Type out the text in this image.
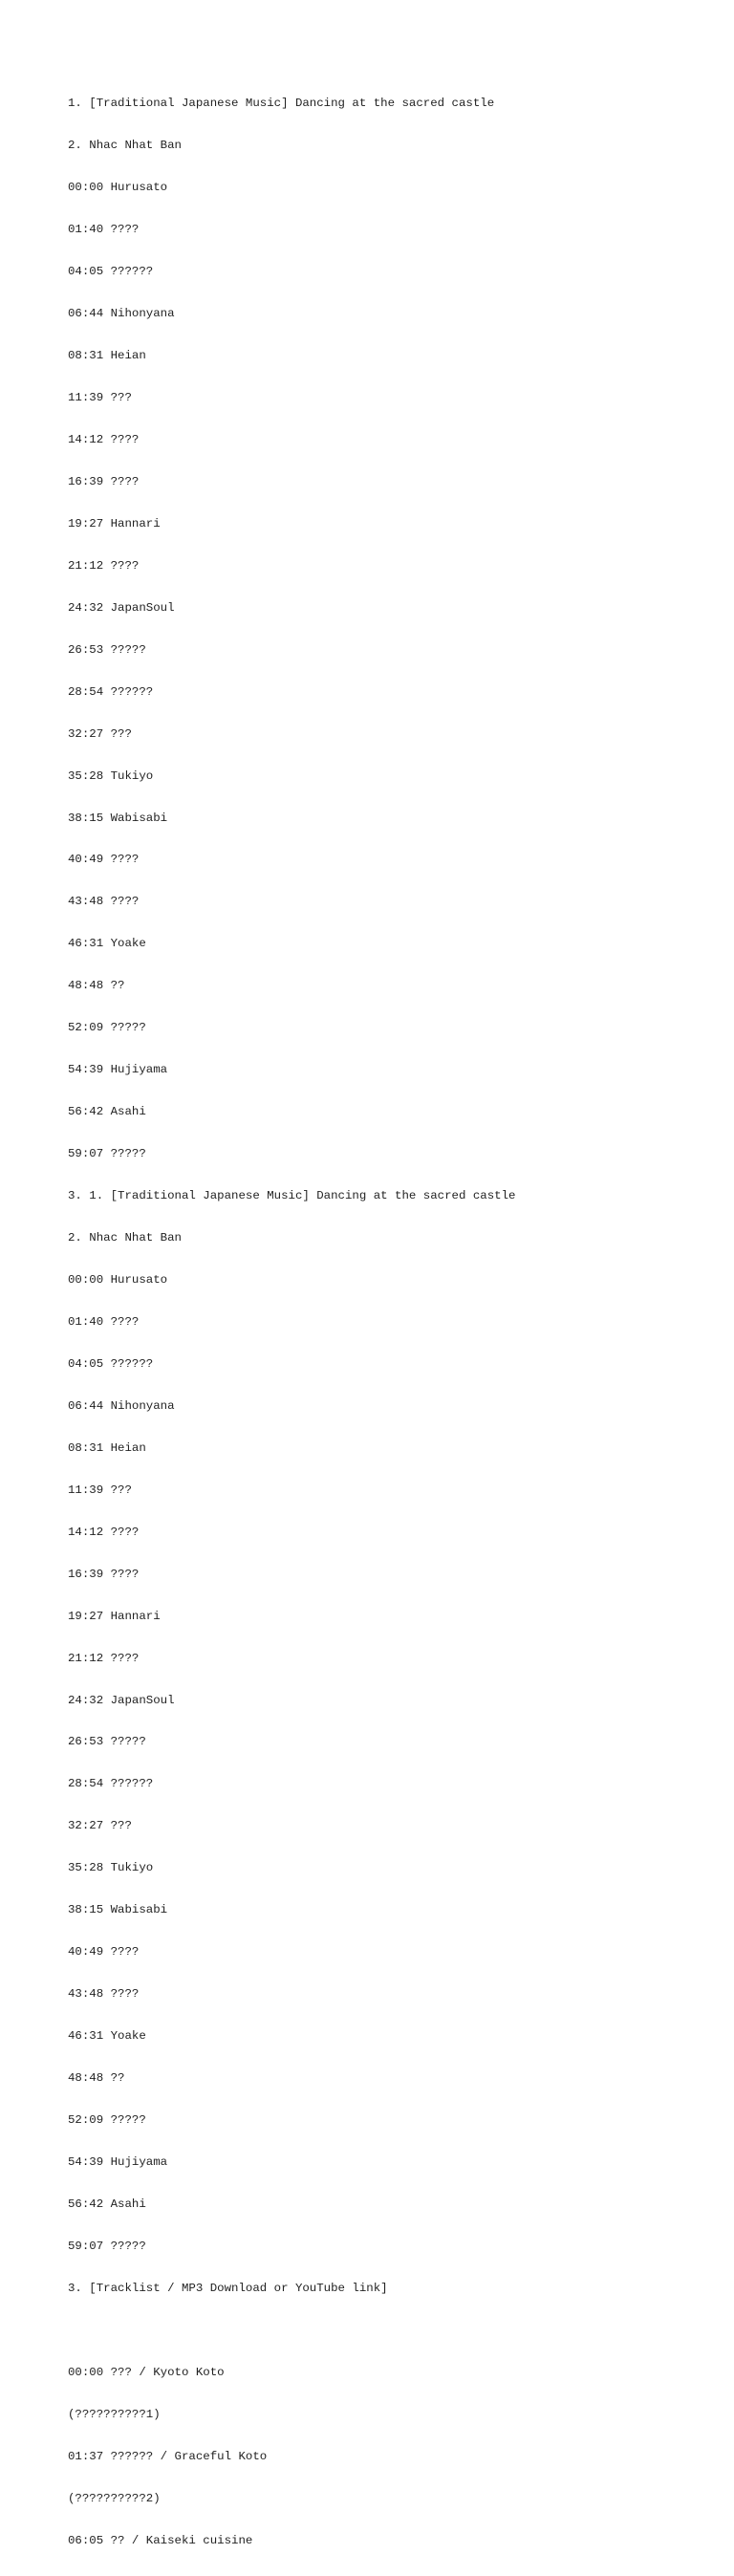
1. [Traditional Japanese Music] Dancing at the sacred castle

2. Nhac Nhat Ban

00:00 Hurusato

01:40 ????

04:05 ??????

06:44 Nihonyana

08:31 Heian

11:39 ???

14:12 ????

16:39 ????

19:27 Hannari

21:12 ????

24:32 JapanSoul

26:53 ?????

28:54 ??????

32:27 ???

35:28 Tukiyo

38:15 Wabisabi

40:49 ????

43:48 ????

46:31 Yoake

48:48 ??

52:09 ?????

54:39 Hujiyama

56:42 Asahi

59:07 ?????

3. 1. [Traditional Japanese Music] Dancing at the sacred castle

2. Nhac Nhat Ban

00:00 Hurusato

01:40 ????

04:05 ??????

06:44 Nihonyana

08:31 Heian

11:39 ???

14:12 ????

16:39 ????

19:27 Hannari

21:12 ????

24:32 JapanSoul

26:53 ?????

28:54 ??????

32:27 ???

35:28 Tukiyo

38:15 Wabisabi

40:49 ????

43:48 ????

46:31 Yoake

48:48 ??

52:09 ?????

54:39 Hujiyama

56:42 Asahi

59:07 ?????

3. [Tracklist / MP3 Download or YouTube link]

00:00 ??? / Kyoto Koto

(??????????1)

01:37 ?????? / Graceful Koto

(??????????2)

06:05 ?? / Kaiseki cuisine
